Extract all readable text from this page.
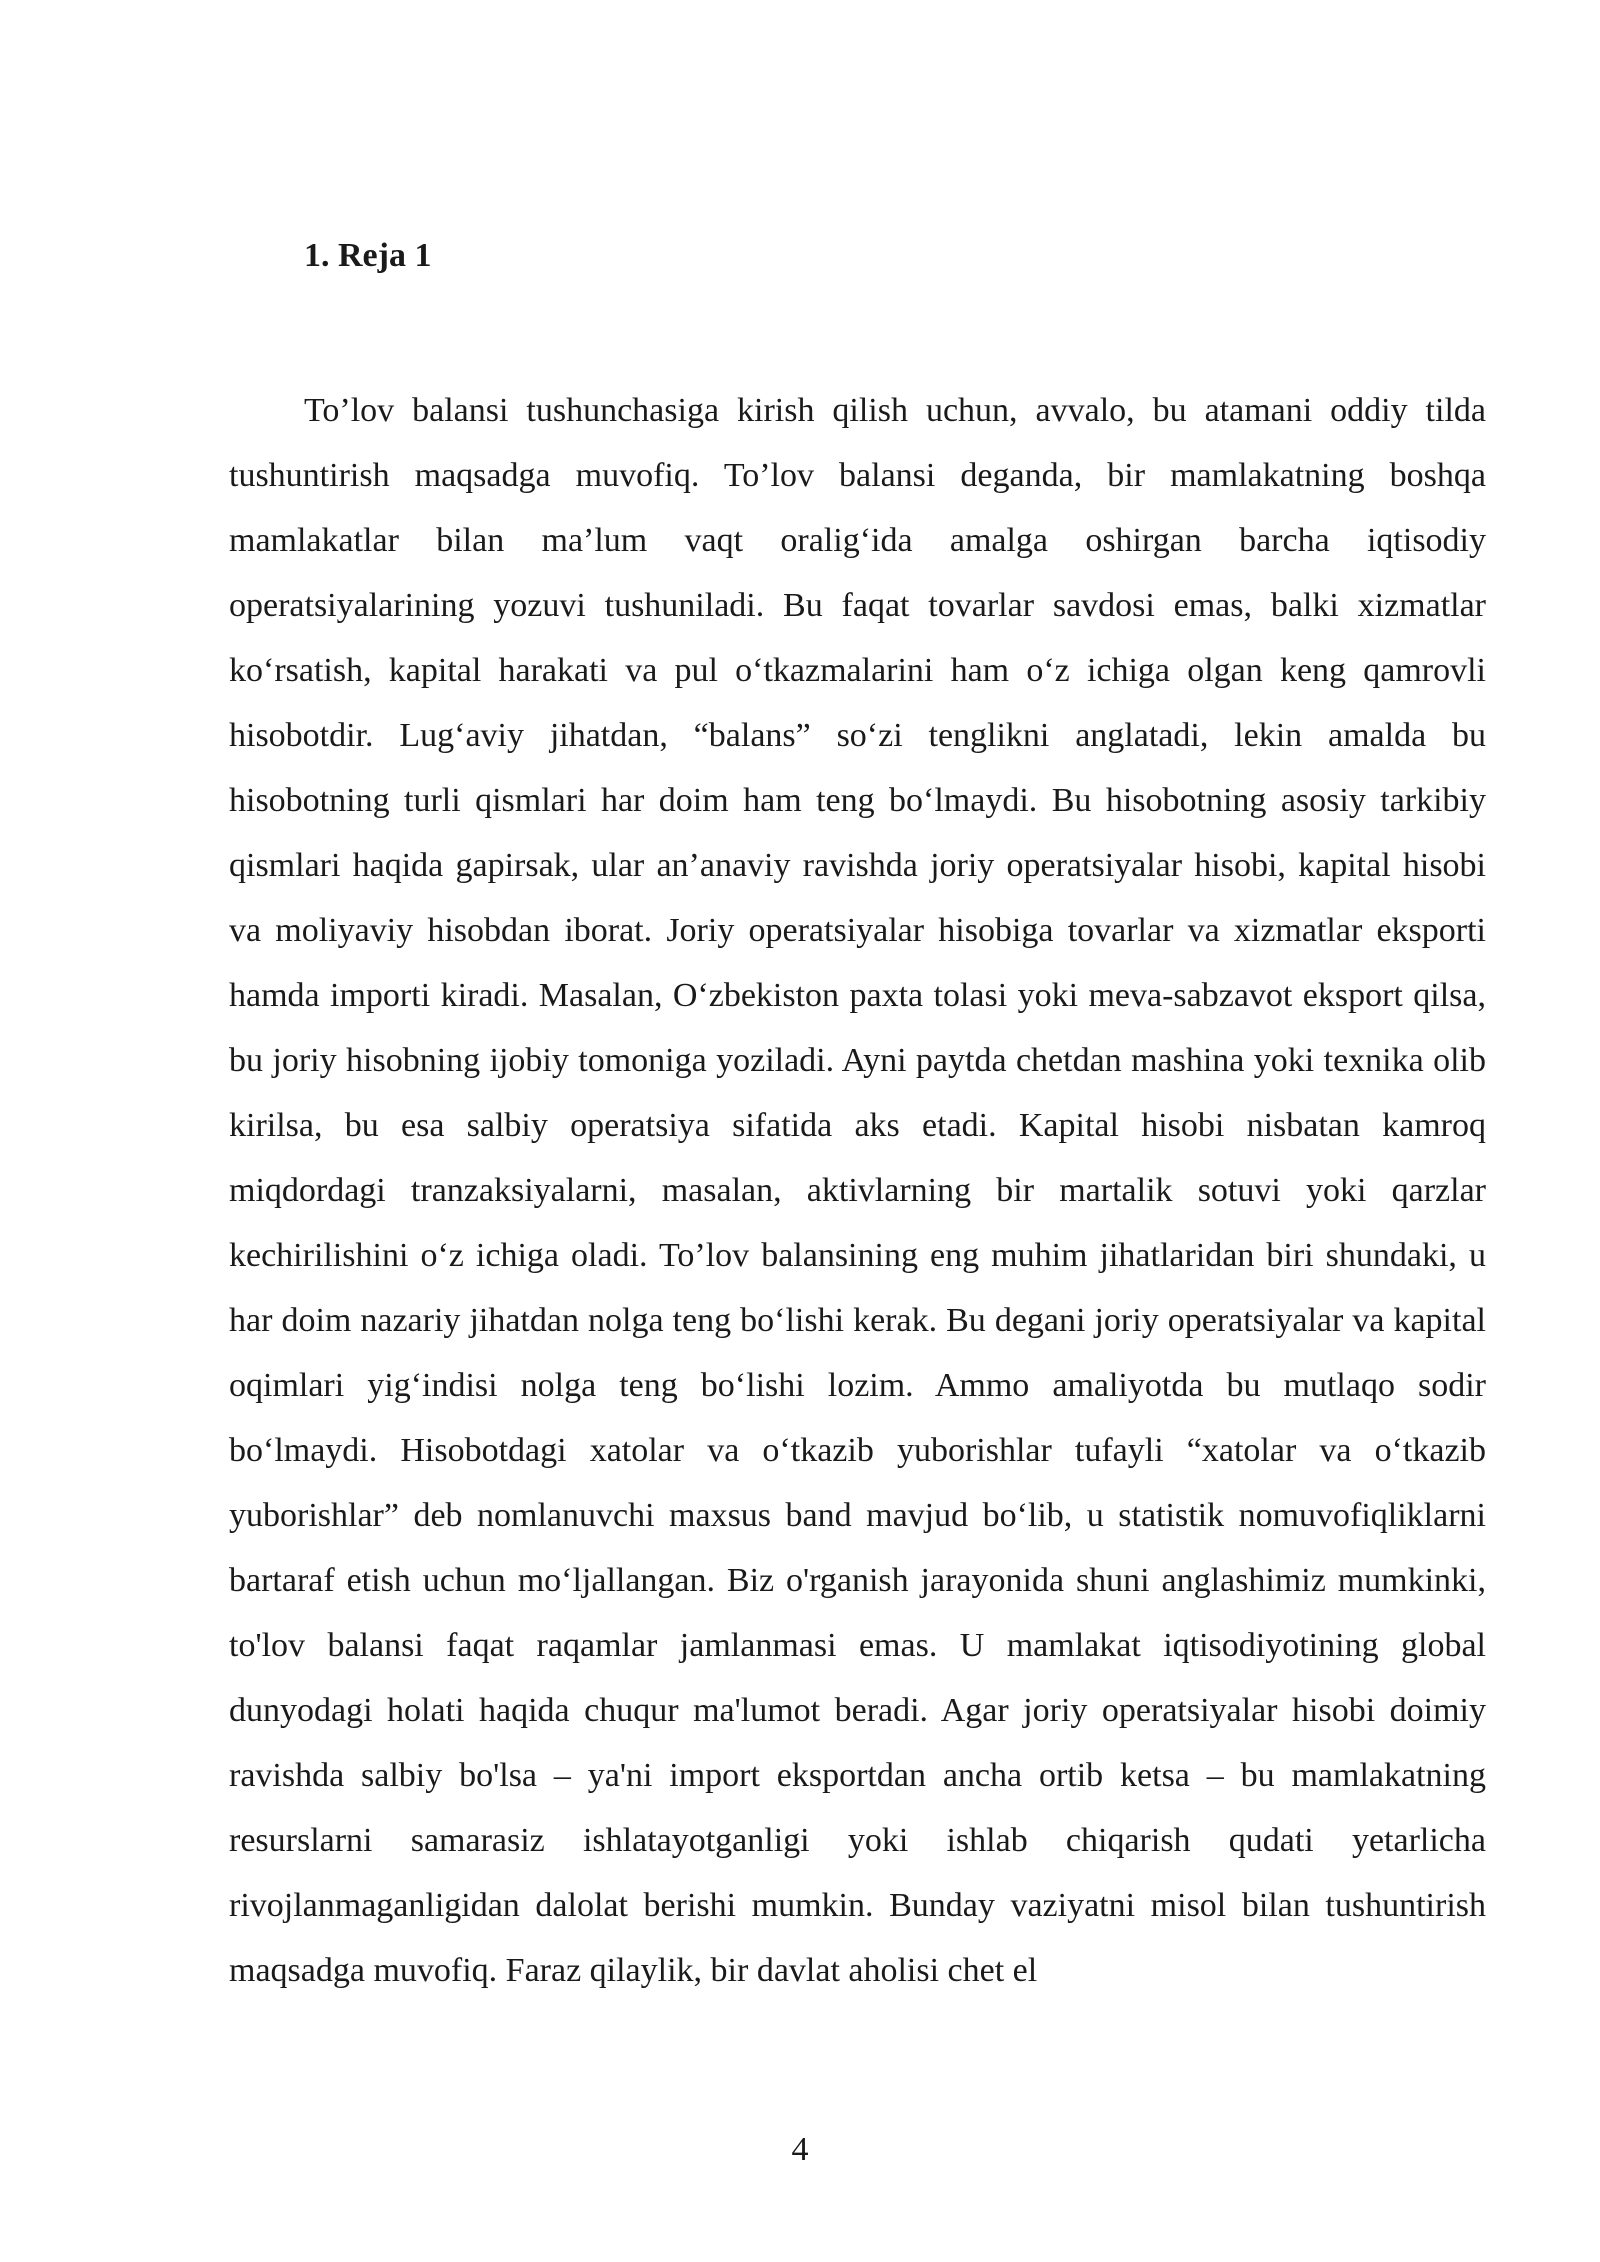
1. Reja 1

To’lov balansi tushunchasiga kirish qilish uchun, avvalo, bu atamani oddiy tilda tushuntirish maqsadga muvofiq. To’lov balansi deganda, bir mamlakatning boshqa mamlakatlar bilan ma’lum vaqt oralig‘ida amalga oshirgan barcha iqtisodiy operatsiyalarining yozuvi tushuniladi. Bu faqat tovarlar savdosi emas, balki xizmatlar ko‘rsatish, kapital harakati va pul o‘tkazmalarini ham o‘z ichiga olgan keng qamrovli hisobotdir. Lug‘aviy jihatdan, “balans” so‘zi tenglikni anglatadi, lekin amalda bu hisobotning turli qismlari har doim ham teng bo‘lmaydi. Bu hisobotning asosiy tarkibiy qismlari haqida gapirsak, ular an’anaviy ravishda joriy operatsiyalar hisobi, kapital hisobi va moliyaviy hisobdan iborat. Joriy operatsiyalar hisobiga tovarlar va xizmatlar eksporti hamda importi kiradi. Masalan, O‘zbekiston paxta tolasi yoki meva-sabzavot eksport qilsa, bu joriy hisobning ijobiy tomoniga yoziladi. Ayni paytda chetdan mashina yoki texnika olib kirilsa, bu esa salbiy operatsiya sifatida aks etadi. Kapital hisobi nisbatan kamroq miqdordagi tranzaksiyalarni, masalan, aktivlarning bir martalik sotuvi yoki qarzlar kechirilishini o‘z ichiga oladi. To’lov balansining eng muhim jihatlaridan biri shundaki, u har doim nazariy jihatdan nolga teng bo‘lishi kerak. Bu degani joriy operatsiyalar va kapital oqimlari yig‘indisi nolga teng bo‘lishi lozim. Ammo amaliyotda bu mutlaqo sodir bo‘lmaydi. Hisobotdagi xatolar va o‘tkazib yuborishlar tufayli “xatolar va o‘tkazib yuborishlar” deb nomlanuvchi maxsus band mavjud bo‘lib, u statistik nomuvofiqliklarni bartaraf etish uchun mo‘ljallangan. Biz o'rganish jarayonida shuni anglashimiz mumkinki, to'lov balansi faqat raqamlar jamlanmasi emas. U mamlakat iqtisodiyotining global dunyodagi holati haqida chuqur ma'lumot beradi. Agar joriy operatsiyalar hisobi doimiy ravishda salbiy bo'lsa – ya'ni import eksportdan ancha ortib ketsa – bu mamlakatning resurslarni samarasiz ishlatayotganligi yoki ishlab chiqarish qudati yetarlicha rivojlanmaganligidan dalolat berishi mumkin. Bunday vaziyatni misol bilan tushuntirish maqsadga muvofiq. Faraz qilaylik, bir davlat aholisi chet el

4
